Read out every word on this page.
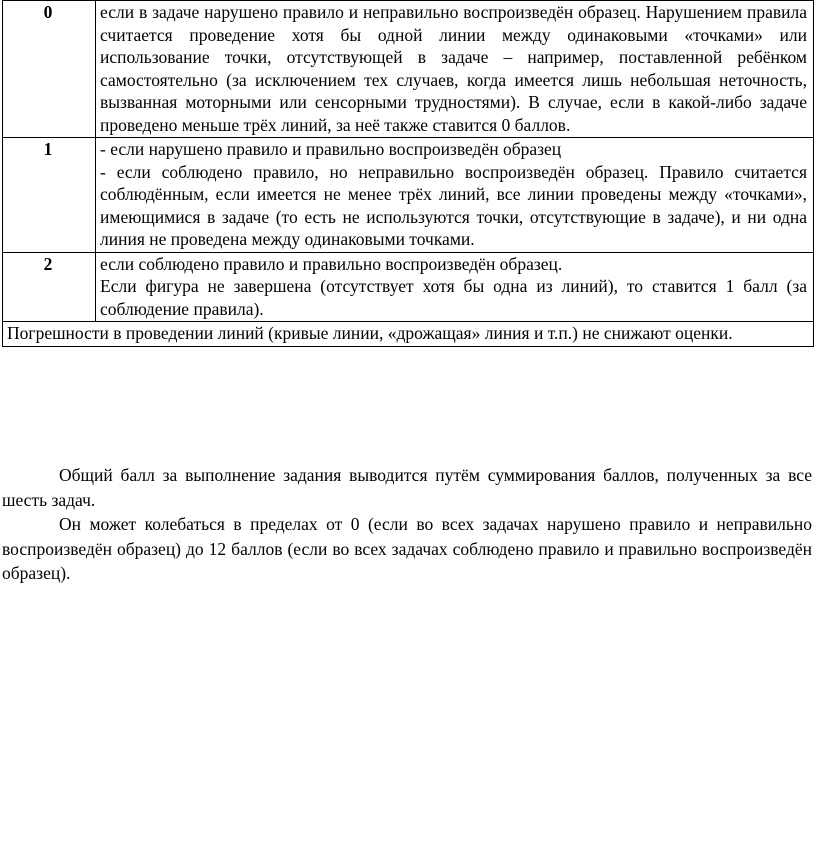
0	если в задаче нарушено правило и неправильно воспроизведён образец. Нарушением правила считается проведение хотя бы одной линии между одинаковыми «точками» или использование точки, отсутствующей в задаче – например, поставленной ребёнком самостоятельно (за исключением тех случаев, когда имеется лишь небольшая неточность, вызванная моторными или сенсорными трудностями). В случае, если в какой-либо задаче проведено меньше трёх линий, за неё также ставится 0 баллов.

1	- если нарушено правило и правильно воспроизведён образец

- если соблюдено правило, но неправильно воспроизведён образец. Правило считается соблюдённым, если имеется не менее трёх линий, все линии проведены между «точками», имеющимися в задаче (то есть не используются точки, отсутствующие в задаче), и ни одна линия не проведена между одинаковыми точками.

2	если соблюдено правило и правильно воспроизведён образец.

Если фигура не завершена (отсутствует хотя бы одна из линий), то ставится 1 балл (за соблюдение правила).

Погрешности в проведении линий (кривые линии, «дрожащая» линия и т.п.) не снижают оценки.	

Общий балл за выполнение задания выводится путём суммирования баллов, полученных за все шесть задач.

Он может колебаться в пределах от 0 (если во всех задачах нарушено правило и неправильно воспроизведён образец) до 12 баллов (если во всех задачах соблюдено правило и правильно воспроизведён образец).
